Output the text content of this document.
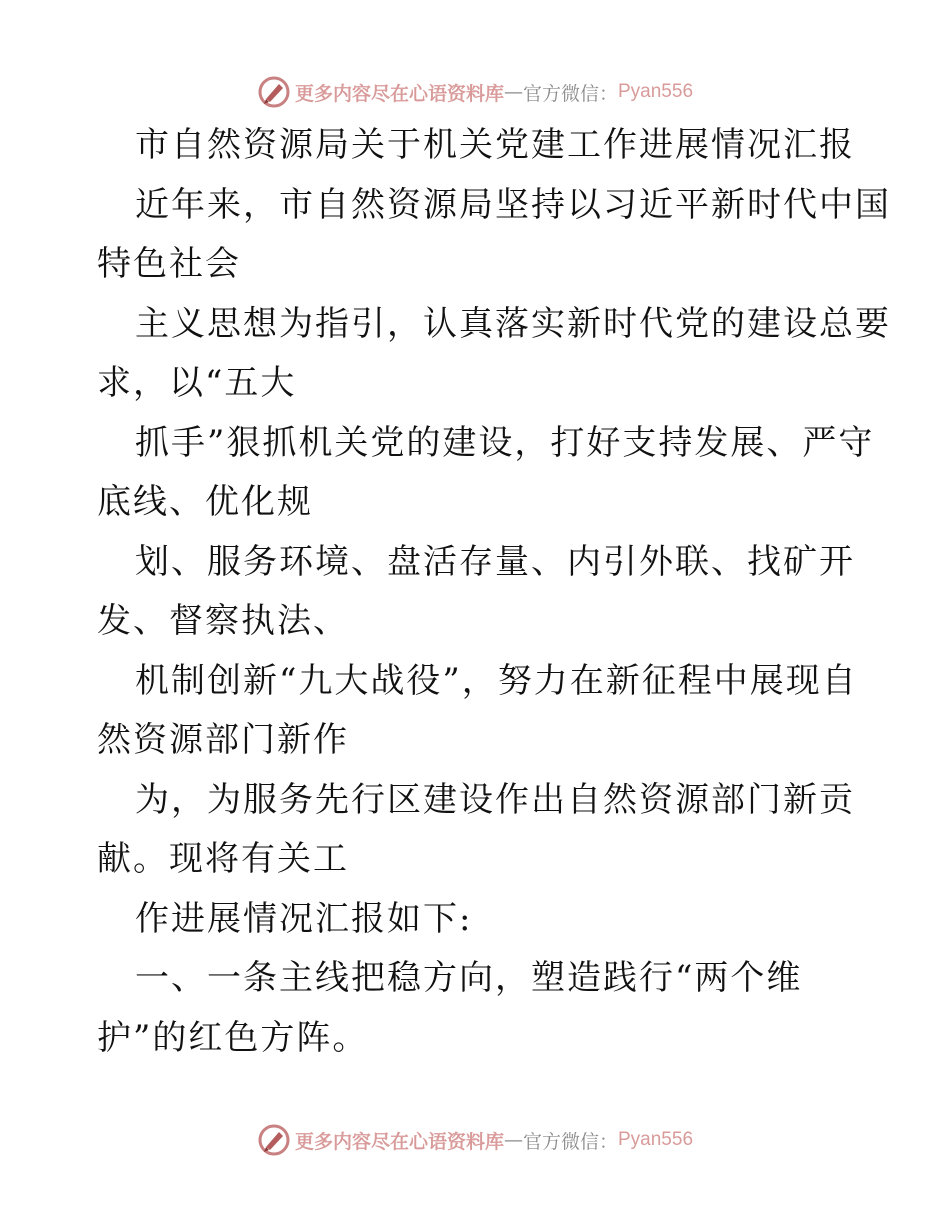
更多内容尽在心语资料库 — 官方微信： Pyan556
市自然资源局关于机关党建工作进展情况汇报
近年来，市自然资源局坚持以习近平新时代中国
特色社会
主义思想为指引，认真落实新时代党的建设总要
求，以“五大
抓手”狠抓机关党的建设，打好支持发展、严守
底线、优化规
划、服务环境、盘活存量、内引外联、找矿开
发、督察执法、
机制创新“九大战役”，努力在新征程中展现自
然资源部门新作
为，为服务先行区建设作出自然资源部门新贡
献。现将有关工
作进展情况汇报如下:
一、一条主线把稳方向，塑造践行“两个维
护”的红色方阵。
更多内容尽在心语资料库 — 官方微信： Pyan556
